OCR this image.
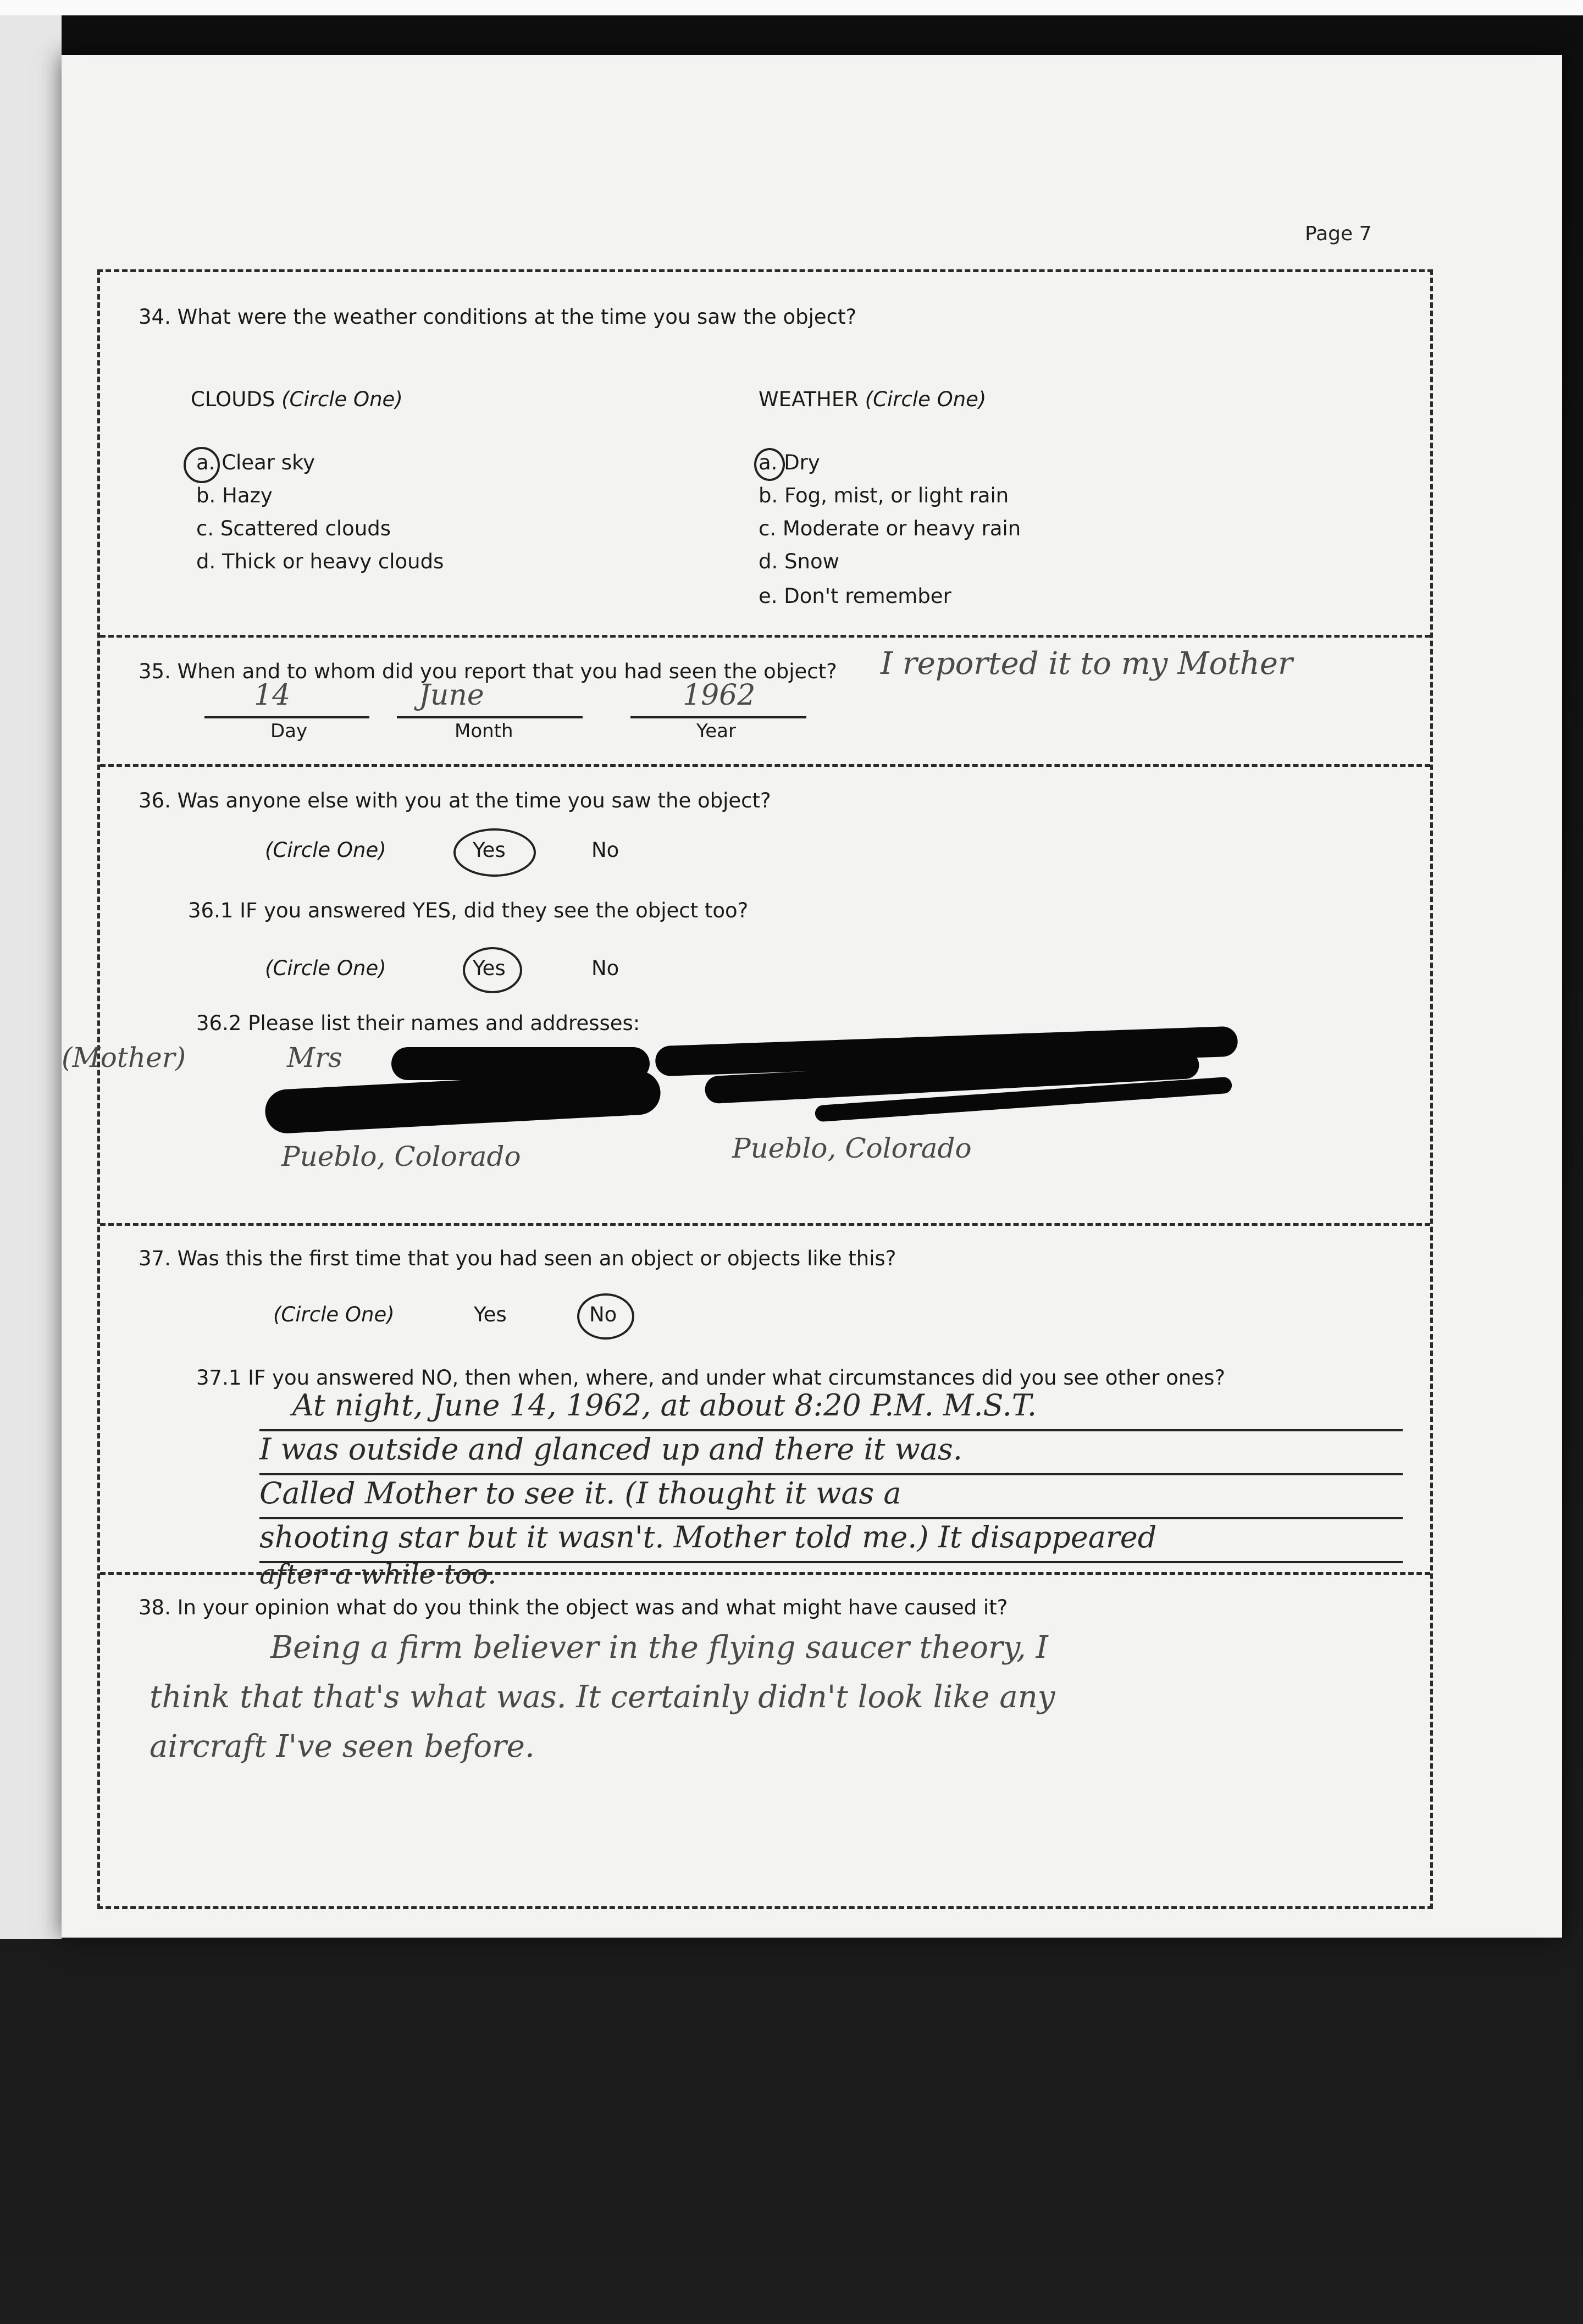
Page 7
34. What were the weather conditions at the time you saw the object?
CLOUDS (Circle One)	WEATHER (Circle One)
a. Clear sky
b. Hazy
c. Scattered clouds
d. Thick or heavy clouds
a. Dry
b. Fog, mist, or light rain
c. Moderate or heavy rain
d. Snow
e. Don't remember
35. When and to whom did you report that you had seen the object? I reported it to my Mother
14	June	1962
Day	Month	Year
36. Was anyone else with you at the time you saw the object?
(Circle One)	Yes	No
36.1 IF you answered YES, did they see the object too?
(Circle One)	Yes	No
36.2 Please list their names and addresses:
(Mother)	Mrs
Pueblo, Colorado	Pueblo, Colorado
37. Was this the first time that you had seen an object or objects like this?
(Circle One)	Yes	No
37.1 IF you answered NO, then when, where, and under what circumstances did you see other ones?
At night, June 14, 1962, at about 8:20 P.M. M.S.T.
I was outside and glanced up and there it was.
Called Mother to see it. (I thought it was a
shooting star but it wasn't. Mother told me.) It disappeared
after a while too.
38. In your opinion what do you think the object was and what might have caused it?
Being a firm believer in the flying saucer theory, I
think that that's what was. It certainly didn't look like any
aircraft I've seen before.
